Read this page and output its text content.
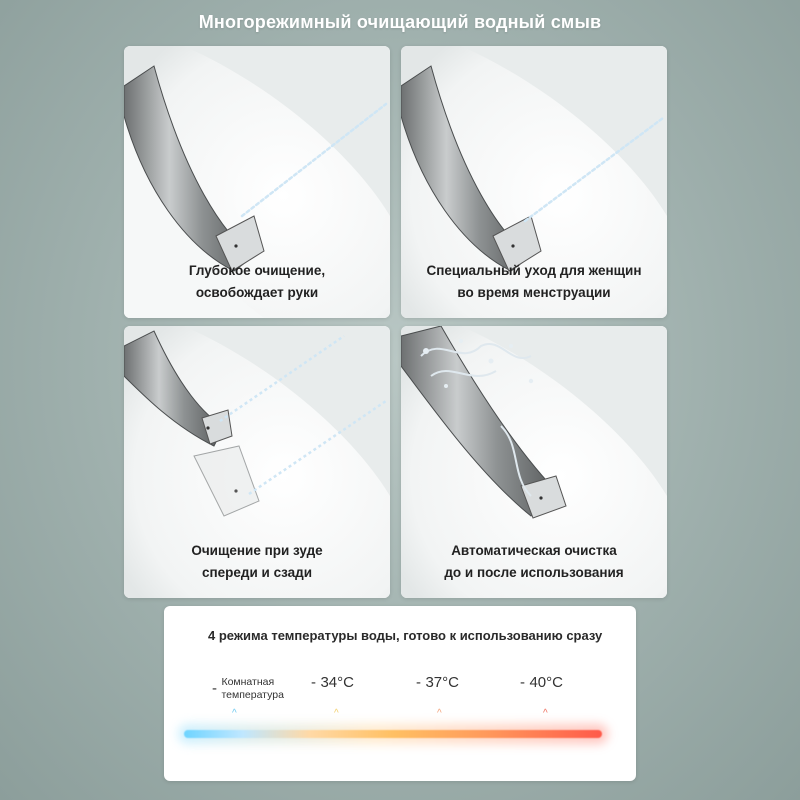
Многорежимный очищающий водный смыв
Глубокое очищение,
освобождает руки
Специальный уход для женщин
во время менструации
Очищение при зуде
спереди и сзади
Автоматическая очистка
до и после использования
4 режима температуры воды, готово к использованию сразу
- Комнатная
температура
^
- 34°C
^
- 37°C
^
- 40°C
^
